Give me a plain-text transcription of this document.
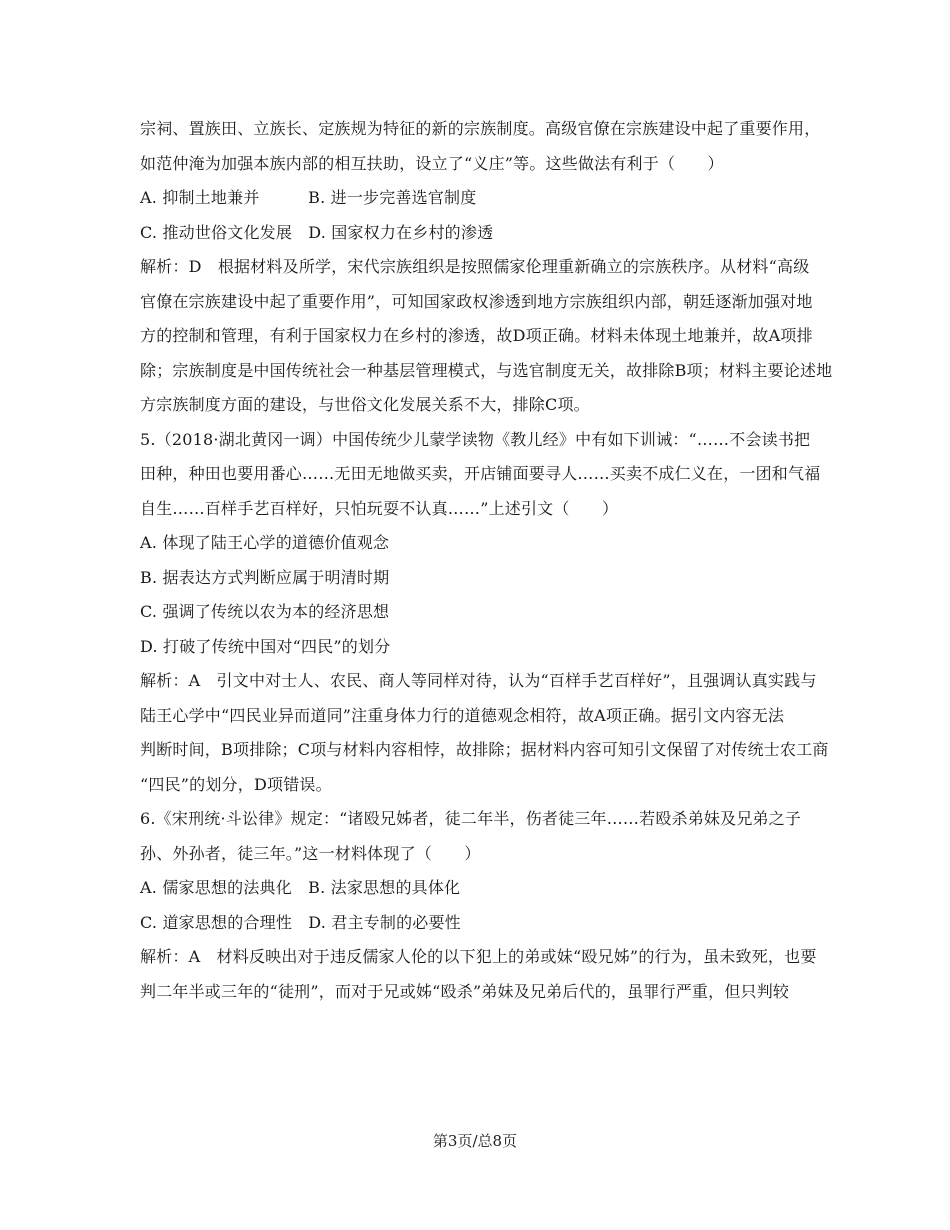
宗祠、置族田、立族长、定族规为特征的新的宗族制度。高级官僚在宗族建设中起了重要作用，
如范仲淹为加强本族内部的相互扶助，设立了“义庄”等。这些做法有利于（　　）
A. 抑制土地兼并　　　B. 进一步完善选官制度
C. 推动世俗文化发展　D. 国家权力在乡村的渗透
解析：D　根据材料及所学，宋代宗族组织是按照儒家伦理重新确立的宗族秩序。从材料“高级
官僚在宗族建设中起了重要作用”，可知国家政权渗透到地方宗族组织内部，朝廷逐渐加强对地
方的控制和管理，有利于国家权力在乡村的渗透，故D项正确。材料未体现土地兼并，故A项排
除；宗族制度是中国传统社会一种基层管理模式，与选官制度无关，故排除B项；材料主要论述地
方宗族制度方面的建设，与世俗文化发展关系不大，排除C项。
5.（2018·湖北黄冈一调）中国传统少儿蒙学读物《教儿经》中有如下训诫：“……不会读书把
田种，种田也要用番心……无田无地做买卖，开店铺面要寻人……买卖不成仁义在，一团和气福
自生……百样手艺百样好，只怕玩耍不认真……”上述引文（　　）
A. 体现了陆王心学的道德价值观念
B. 据表达方式判断应属于明清时期
C. 强调了传统以农为本的经济思想
D. 打破了传统中国对“四民”的划分
解析：A　引文中对士人、农民、商人等同样对待，认为“百样手艺百样好”，且强调认真实践与
陆王心学中“四民业异而道同”注重身体力行的道德观念相符，故A项正确。据引文内容无法
判断时间，B项排除；C项与材料内容相悖，故排除；据材料内容可知引文保留了对传统士农工商
“四民”的划分，D项错误。
6.《宋刑统·斗讼律》规定：“诸殴兄姊者，徒二年半，伤者徒三年……若殴杀弟妹及兄弟之子
孙、外孙者，徒三年。”这一材料体现了（　　）
A. 儒家思想的法典化　B. 法家思想的具体化
C. 道家思想的合理性　D. 君主专制的必要性
解析：A　材料反映出对于违反儒家人伦的以下犯上的弟或妹“殴兄姊”的行为，虽未致死，也要
判二年半或三年的“徒刑”，而对于兄或姊“殴杀”弟妹及兄弟后代的，虽罪行严重，但只判较
第3页/总8页
